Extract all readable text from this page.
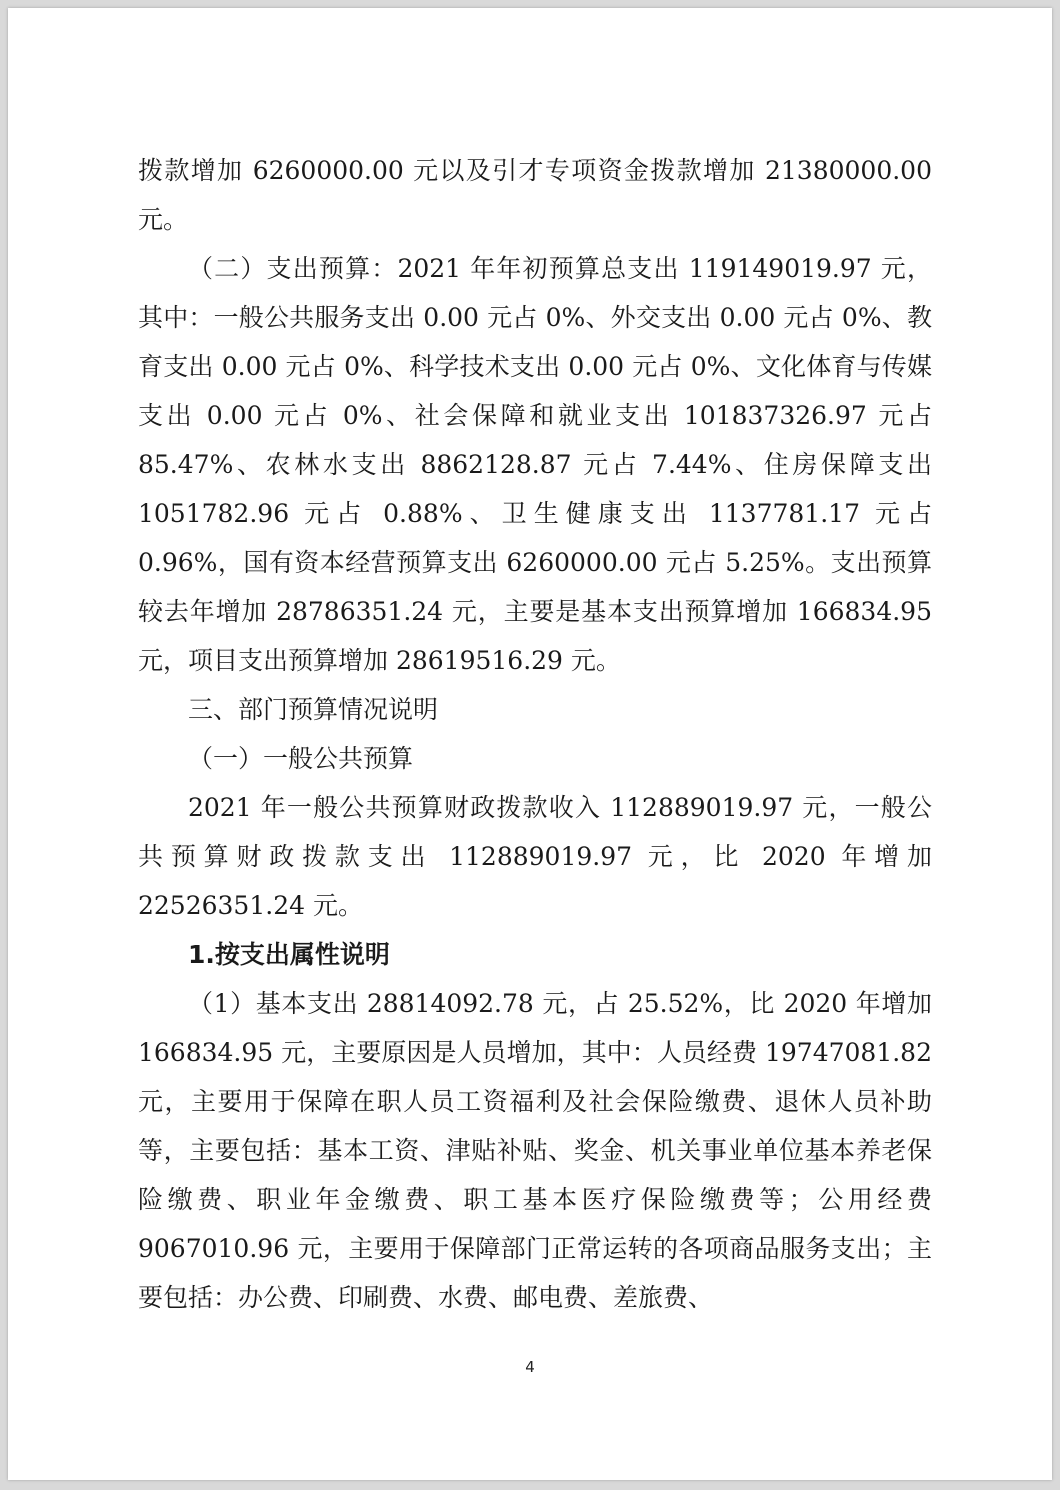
拨款增加 6260000.00 元以及引才专项资金拨款增加 21380000.00 元。

（二）支出预算：2021 年年初预算总支出 119149019.97 元，其中：一般公共服务支出 0.00 元占 0%、外交支出 0.00 元占 0%、教育支出 0.00 元占 0%、科学技术支出 0.00 元占 0%、文化体育与传媒支出 0.00 元占 0%、社会保障和就业支出 101837326.97 元占 85.47%、农林水支出 8862128.87 元占 7.44%、住房保障支出 1051782.96 元占 0.88%、卫生健康支出 1137781.17 元占 0.96%，国有资本经营预算支出 6260000.00 元占 5.25%。支出预算较去年增加 28786351.24 元，主要是基本支出预算增加 166834.95 元，项目支出预算增加 28619516.29 元。

三、部门预算情况说明

（一）一般公共预算

2021 年一般公共预算财政拨款收入 112889019.97 元，一般公共预算财政拨款支出 112889019.97 元，比 2020 年增加 22526351.24 元。

1.按支出属性说明

（1）基本支出 28814092.78 元，占 25.52%，比 2020 年增加 166834.95 元，主要原因是人员增加，其中：人员经费 19747081.82 元，主要用于保障在职人员工资福利及社会保险缴费、退休人员补助等，主要包括：基本工资、津贴补贴、奖金、机关事业单位基本养老保险缴费、职业年金缴费、职工基本医疗保险缴费等；公用经费 9067010.96 元，主要用于保障部门正常运转的各项商品服务支出；主要包括：办公费、印刷费、水费、邮电费、差旅费、

4
